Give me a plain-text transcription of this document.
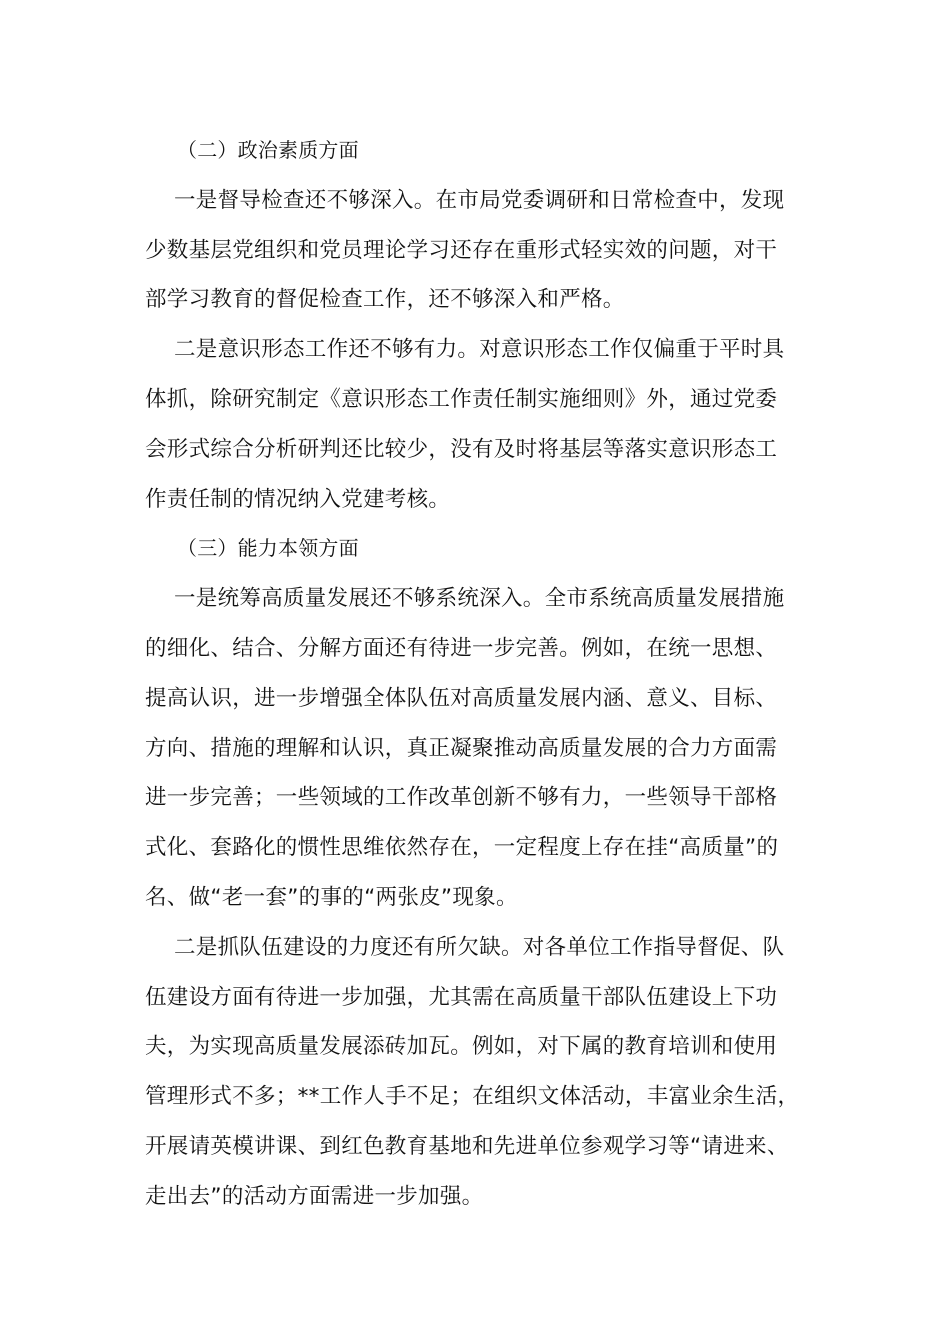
（二）政治素质方面
一是督导检查还不够深入。在市局党委调研和日常检查中，发现
少数基层党组织和党员理论学习还存在重形式轻实效的问题，对干
部学习教育的督促检查工作，还不够深入和严格。
二是意识形态工作还不够有力。对意识形态工作仅偏重于平时具
体抓，除研究制定《意识形态工作责任制实施细则》外，通过党委
会形式综合分析研判还比较少，没有及时将基层等落实意识形态工
作责任制的情况纳入党建考核。
（三）能力本领方面
一是统筹高质量发展还不够系统深入。全市系统高质量发展措施
的细化、结合、分解方面还有待进一步完善。例如，在统一思想、
提高认识，进一步增强全体队伍对高质量发展内涵、意义、目标、
方向、措施的理解和认识，真正凝聚推动高质量发展的合力方面需
进一步完善；一些领域的工作改革创新不够有力，一些领导干部格
式化、套路化的惯性思维依然存在，一定程度上存在挂“高质量”的
名、做“老一套”的事的“两张皮”现象。
二是抓队伍建设的力度还有所欠缺。对各单位工作指导督促、队
伍建设方面有待进一步加强，尤其需在高质量干部队伍建设上下功
夫，为实现高质量发展添砖加瓦。例如，对下属的教育培训和使用
管理形式不多；**工作人手不足；在组织文体活动，丰富业余生活，
开展请英模讲课、到红色教育基地和先进单位参观学习等“请进来、
走出去”的活动方面需进一步加强。
